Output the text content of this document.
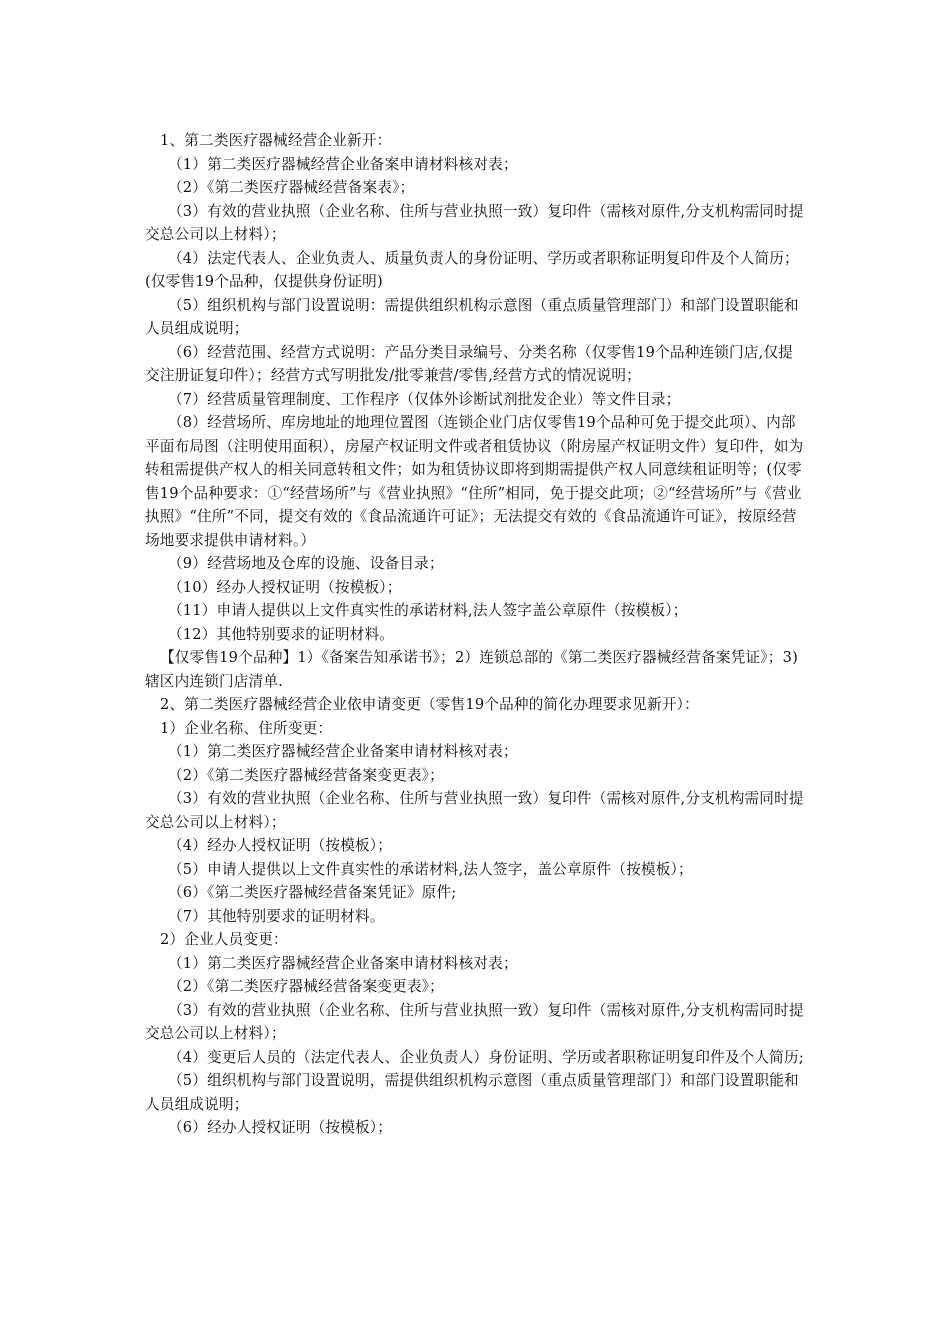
1、第二类医疗器械经营企业新开：

（1）第二类医疗器械经营企业备案申请材料核对表；

（2）《第二类医疗器械经营备案表》；

（3）有效的营业执照（企业名称、住所与营业执照一致）复印件（需核对原件,分支机构需同时提交总公司以上材料）；

（4）法定代表人、企业负责人、质量负责人的身份证明、学历或者职称证明复印件及个人简历；(仅零售19个品种，仅提供身份证明)

（5）组织机构与部门设置说明：需提供组织机构示意图（重点质量管理部门）和部门设置职能和人员组成说明；

（6）经营范围、经营方式说明：产品分类目录编号、分类名称（仅零售19个品种连锁门店,仅提交注册证复印件）；经营方式写明批发/批零兼营/零售,经营方式的情况说明；

（7）经营质量管理制度、工作程序（仅体外诊断试剂批发企业）等文件目录；

（8）经营场所、库房地址的地理位置图（连锁企业门店仅零售19个品种可免于提交此项）、内部平面布局图（注明使用面积），房屋产权证明文件或者租赁协议（附房屋产权证明文件）复印件，如为转租需提供产权人的相关同意转租文件；如为租赁协议即将到期需提供产权人同意续租证明等；(仅零售19个品种要求：①“经营场所”与《营业执照》“住所”相同，免于提交此项；②“经营场所”与《营业执照》“住所”不同，提交有效的《食品流通许可证》；无法提交有效的《食品流通许可证》，按原经营场地要求提供申请材料。）

（9）经营场地及仓库的设施、设备目录；

（10）经办人授权证明（按模板）；

（11）申请人提供以上文件真实性的承诺材料,法人签字盖公章原件（按模板）；

（12）其他特别要求的证明材料。

【仅零售19个品种】1）《备案告知承诺书》；2）连锁总部的《第二类医疗器械经营备案凭证》；3)辖区内连锁门店清单.

2、第二类医疗器械经营企业依申请变更（零售19个品种的简化办理要求见新开）：

1）企业名称、住所变更：

（1）第二类医疗器械经营企业备案申请材料核对表；

（2）《第二类医疗器械经营备案变更表》；

（3）有效的营业执照（企业名称、住所与营业执照一致）复印件（需核对原件,分支机构需同时提交总公司以上材料）；

（4）经办人授权证明（按模板）；

（5）申请人提供以上文件真实性的承诺材料,法人签字，盖公章原件（按模板）；

（6）《第二类医疗器械经营备案凭证》原件;

（7）其他特别要求的证明材料。

2）企业人员变更：

（1）第二类医疗器械经营企业备案申请材料核对表；

（2）《第二类医疗器械经营备案变更表》；

（3）有效的营业执照（企业名称、住所与营业执照一致）复印件（需核对原件,分支机构需同时提交总公司以上材料）；

（4）变更后人员的（法定代表人、企业负责人）身份证明、学历或者职称证明复印件及个人简历;

（5）组织机构与部门设置说明，需提供组织机构示意图（重点质量管理部门）和部门设置职能和人员组成说明；

（6）经办人授权证明（按模板）；
